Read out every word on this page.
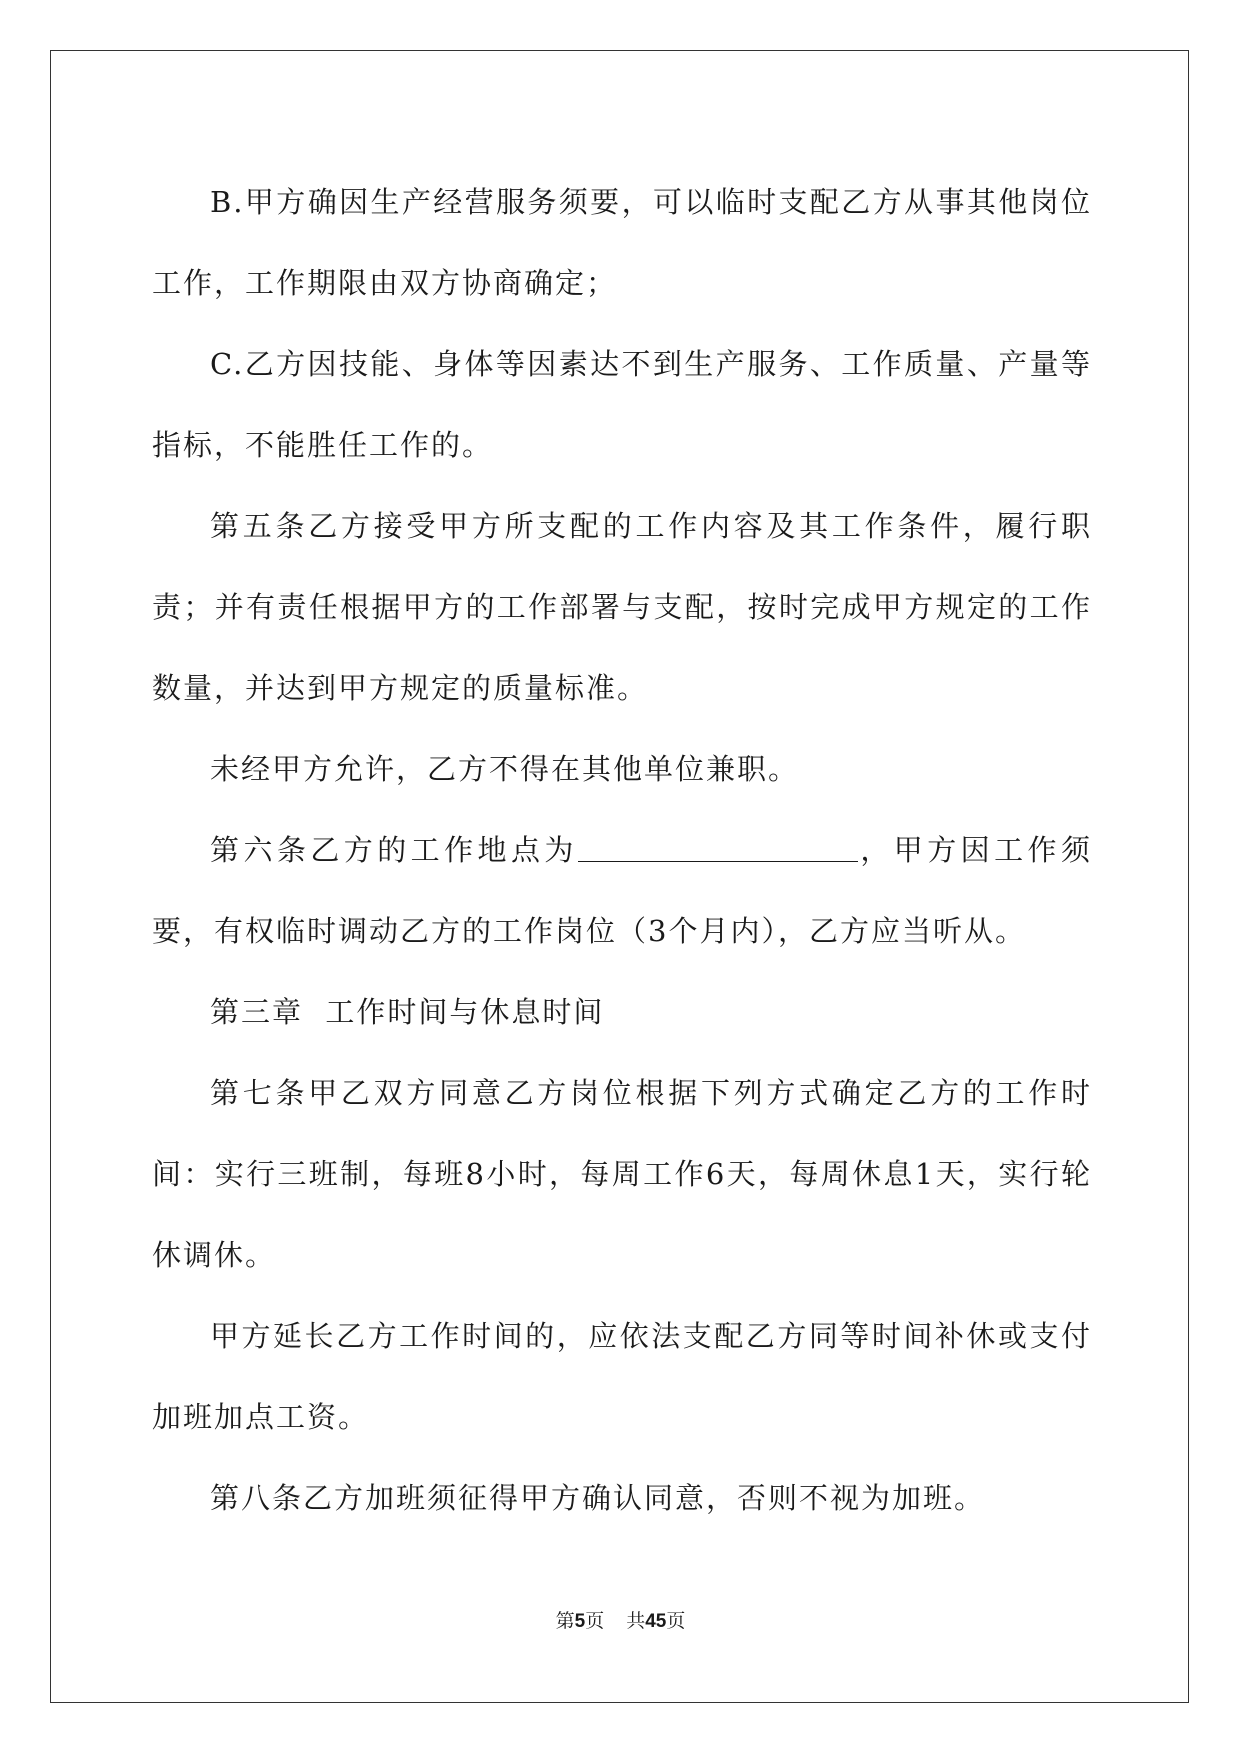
B.甲方确因生产经营服务须要，可以临时支配乙方从事其他岗位工作，工作期限由双方协商确定；

C.乙方因技能、身体等因素达不到生产服务、工作质量、产量等指标，不能胜任工作的。

第五条乙方接受甲方所支配的工作内容及其工作条件，履行职责；并有责任根据甲方的工作部署与支配，按时完成甲方规定的工作数量，并达到甲方规定的质量标准。

未经甲方允许，乙方不得在其他单位兼职。

第六条乙方的工作地点为	，甲方因工作须要，有权临时调动乙方的工作岗位（3个月内），乙方应当听从。

第三章  工作时间与休息时间

第七条甲乙双方同意乙方岗位根据下列方式确定乙方的工作时间：实行三班制，每班8小时，每周工作6天，每周休息1天，实行轮休调休。

甲方延长乙方工作时间的，应依法支配乙方同等时间补休或支付加班加点工资。

第八条乙方加班须征得甲方确认同意，否则不视为加班。

第5页 共45页
